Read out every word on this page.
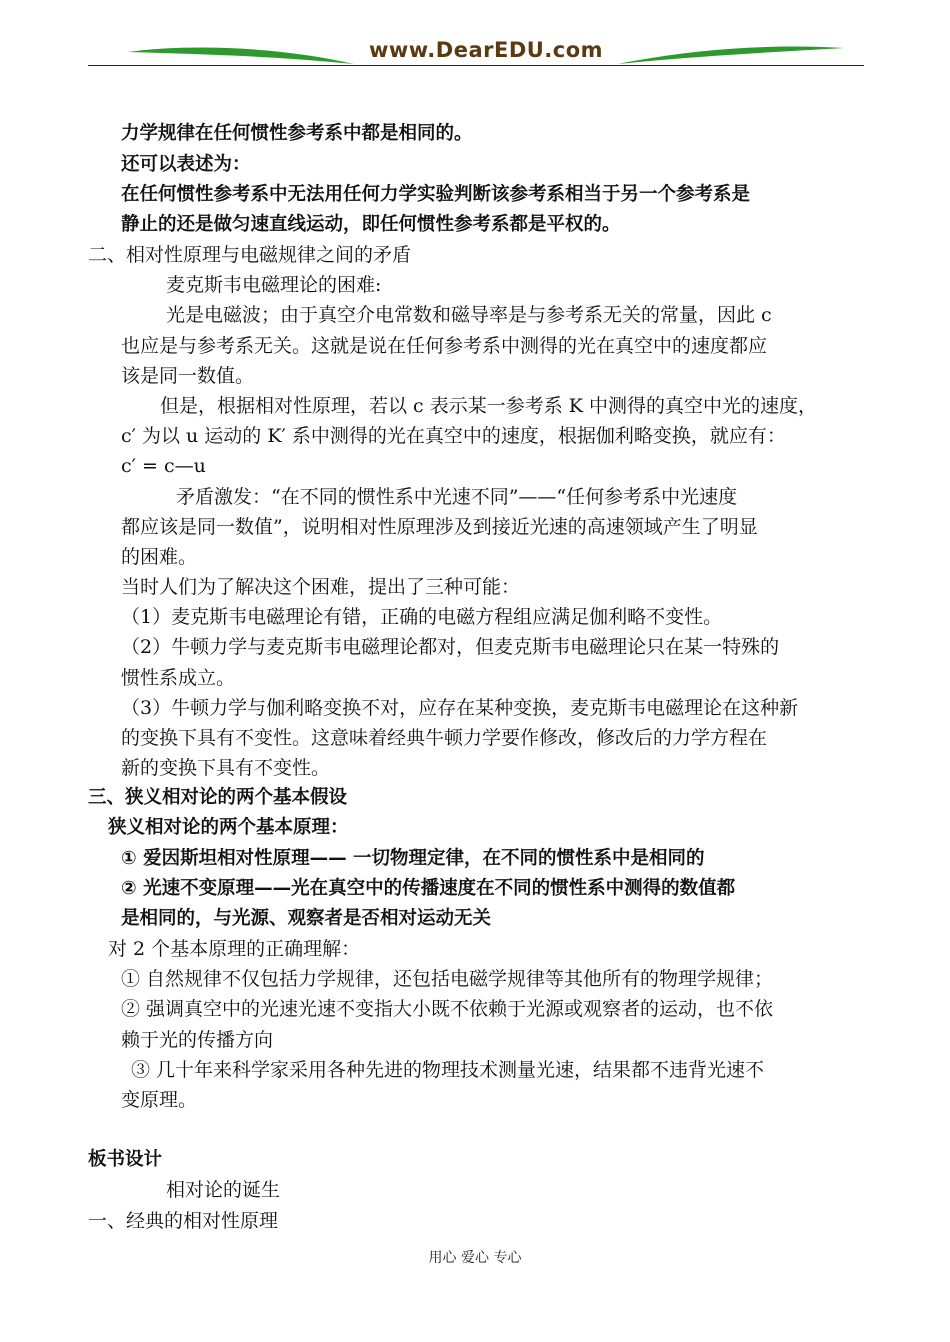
www.DearEDU.com
力学规律在任何惯性参考系中都是相同的。
还可以表述为：
在任何惯性参考系中无法用任何力学实验判断该参考系相当于另一个参考系是
静止的还是做匀速直线运动，即任何惯性参考系都是平权的。
二、相对性原理与电磁规律之间的矛盾
麦克斯韦电磁理论的困难:
光是电磁波；由于真空介电常数和磁导率是与参考系无关的常量，因此 c
也应是与参考系无关。这就是说在任何参考系中测得的光在真空中的速度都应
该是同一数值。
但是，根据相对性原理，若以 c 表示某一参考系 K 中测得的真空中光的速度，
c′ 为以 u 运动的 K′ 系中测得的光在真空中的速度，根据伽利略变换，就应有：
c′ = c—u
矛盾激发：“在不同的惯性系中光速不同”——“任何参考系中光速度
都应该是同一数值”，说明相对性原理涉及到接近光速的高速领域产生了明显
的困难。
当时人们为了解决这个困难，提出了三种可能：
（1）麦克斯韦电磁理论有错，正确的电磁方程组应满足伽利略不变性。
（2）牛顿力学与麦克斯韦电磁理论都对，但麦克斯韦电磁理论只在某一特殊的
惯性系成立。
（3）牛顿力学与伽利略变换不对，应存在某种变换，麦克斯韦电磁理论在这种新
的变换下具有不变性。这意味着经典牛顿力学要作修改，修改后的力学方程在
新的变换下具有不变性。
三、狭义相对论的两个基本假设
狭义相对论的两个基本原理：
① 爱因斯坦相对性原理—— 一切物理定律，在不同的惯性系中是相同的
② 光速不变原理——光在真空中的传播速度在不同的惯性系中测得的数值都
是相同的，与光源、观察者是否相对运动无关
对 2 个基本原理的正确理解：
① 自然规律不仅包括力学规律，还包括电磁学规律等其他所有的物理学规律；
② 强调真空中的光速光速不变指大小既不依赖于光源或观察者的运动，也不依
赖于光的传播方向
③ 几十年来科学家采用各种先进的物理技术测量光速，结果都不违背光速不
变原理。
板书设计
相对论的诞生
一、经典的相对性原理
用心 爱心 专心
